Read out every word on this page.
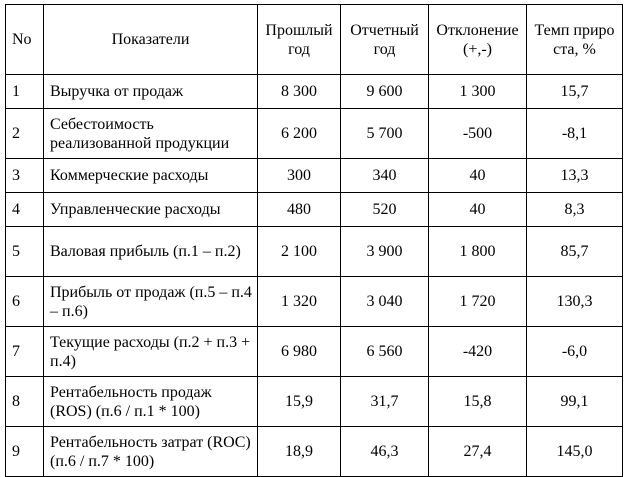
No	Показатели	Прошлый год	Отчетный год	Отклонение (+,-)	Темп прироста, %
1	Выручка от продаж	8 300	9 600	1 300	15,7
2	Себестоимость реализованной продукции	6 200	5 700	-500	-8,1
3	Коммерческие расходы	300	340	40	13,3
4	Управленческие расходы	480	520	40	8,3
5	Валовая прибыль (п.1 – п.2)	2 100	3 900	1 800	85,7
6	Прибыль от продаж (п.5 – п.4 – п.6)	1 320	3 040	1 720	130,3
7	Текущие расходы (п.2 + п.3 + п.4)	6 980	6 560	-420	-6,0
8	Рентабельность продаж (ROS) (п.6 / п.1 * 100)	15,9	31,7	15,8	99,1
9	Рентабельность затрат (ROC) (п.6 / п.7 * 100)	18,9	46,3	27,4	145,0
